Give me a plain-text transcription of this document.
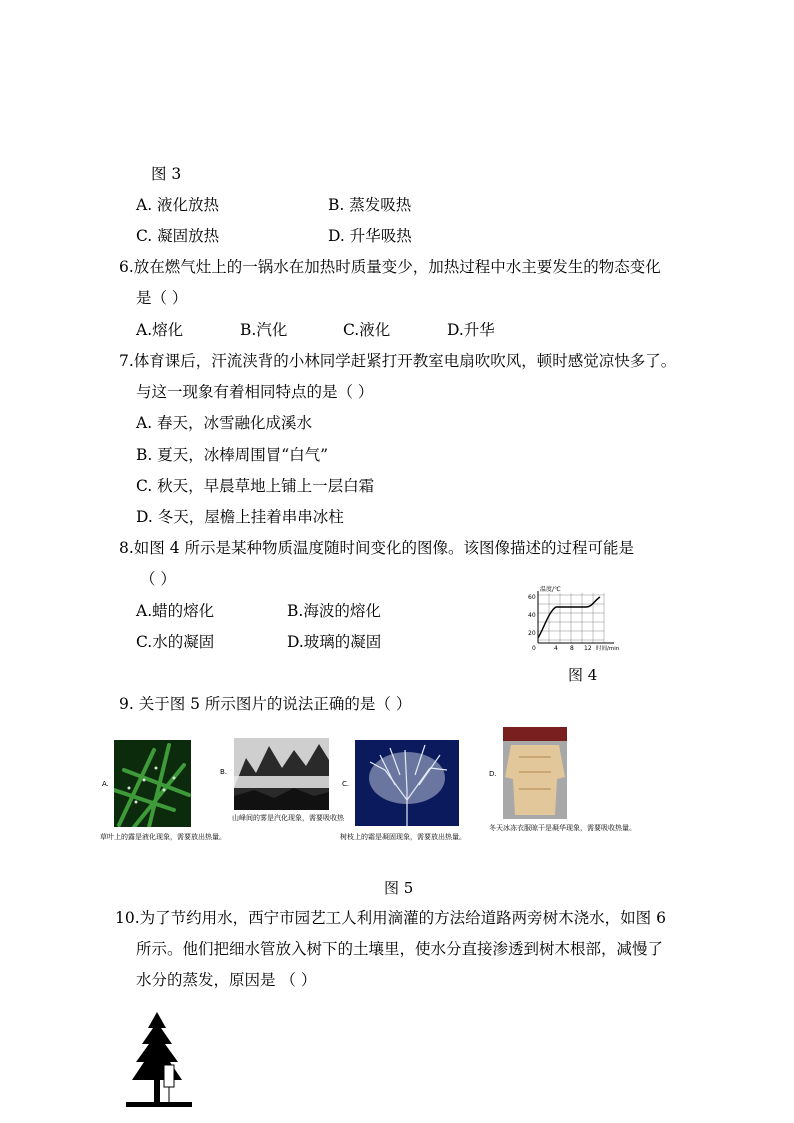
图 3
A. 液化放热	B. 蒸发吸热
C. 凝固放热	D. 升华吸热
6.放在燃气灶上的一锅水在加热时质量变少，加热过程中水主要发生的物态变化
是（ ）
A.熔化	B.汽化	C.液化	D.升华
7.体育课后，汗流浃背的小林同学赶紧打开教室电扇吹吹风，顿时感觉凉快多了。
与这一现象有着相同特点的是（ ）
A. 春天，冰雪融化成溪水
B. 夏天，冰棒周围冒“白气”
C. 秋天，早晨草地上铺上一层白霜
D. 冬天，屋檐上挂着串串冰柱
8.如图 4 所示是某种物质温度随时间变化的图像。该图像描述的过程可能是
（ ）
A.蜡的熔化	B.海波的熔化
C.水的凝固	D.玻璃的凝固
温度/℃
60
40
20
0	4 8 12 时间/min
图 4
9. 关于图 5 所示图片的说法正确的是（ ）
A.
草叶上的露是液化现象，需要放出热量。
B.
山峰间的雾是汽化现象，需要吸收热
C.
树枝上的霜是凝固现象，需要放出热量。
D.
冬天冰冻衣服晾干是凝华现象，需要吸收热量。
图 5
10.为了节约用水，西宁市园艺工人利用滴灌的方法给道路两旁树木浇水，如图 6
所示。他们把细水管放入树下的土壤里，使水分直接渗透到树木根部，减慢了
水分的蒸发，原因是 （ ）
